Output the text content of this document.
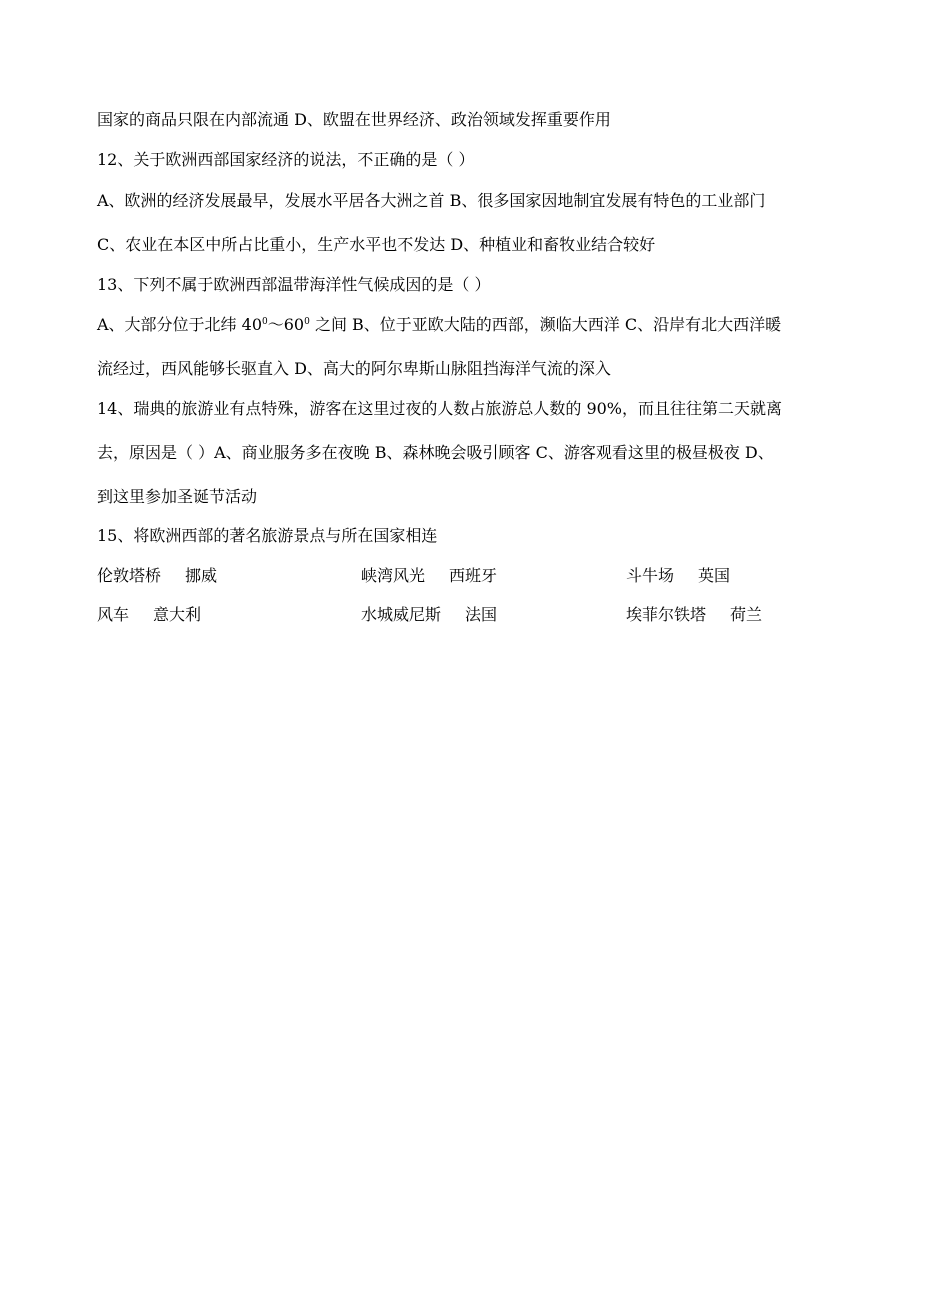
国家的商品只限在内部流通 D、欧盟在世界经济、政治领域发挥重要作用
12、关于欧洲西部国家经济的说法，不正确的是（ ）
A、欧洲的经济发展最早，发展水平居各大洲之首 B、很多国家因地制宜发展有特色的工业部门
C、农业在本区中所占比重小，生产水平也不发达 D、种植业和畜牧业结合较好
13、下列不属于欧洲西部温带海洋性气候成因的是（ ）
A、大部分位于北纬 $40^0\sim 60^0$ 之间 B、位于亚欧大陆的西部，濒临大西洋 C、沿岸有北大西洋暖
流经过，西风能够长驱直入 D、高大的阿尔卑斯山脉阻挡海洋气流的深入
14、瑞典的旅游业有点特殊，游客在这里过夜的人数占旅游总人数的 90%，而且往往第二天就离
去，原因是（ ）A、商业服务多在夜晚 B、森林晚会吸引顾客 C、游客观看这里的极昼极夜 D、
到这里参加圣诞节活动
15、将欧洲西部的著名旅游景点与所在国家相连
伦敦塔桥 挪威	峡湾风光 西班牙	斗牛场 英国
风车 意大利	水城威尼斯 法国	埃菲尔铁塔 荷兰
